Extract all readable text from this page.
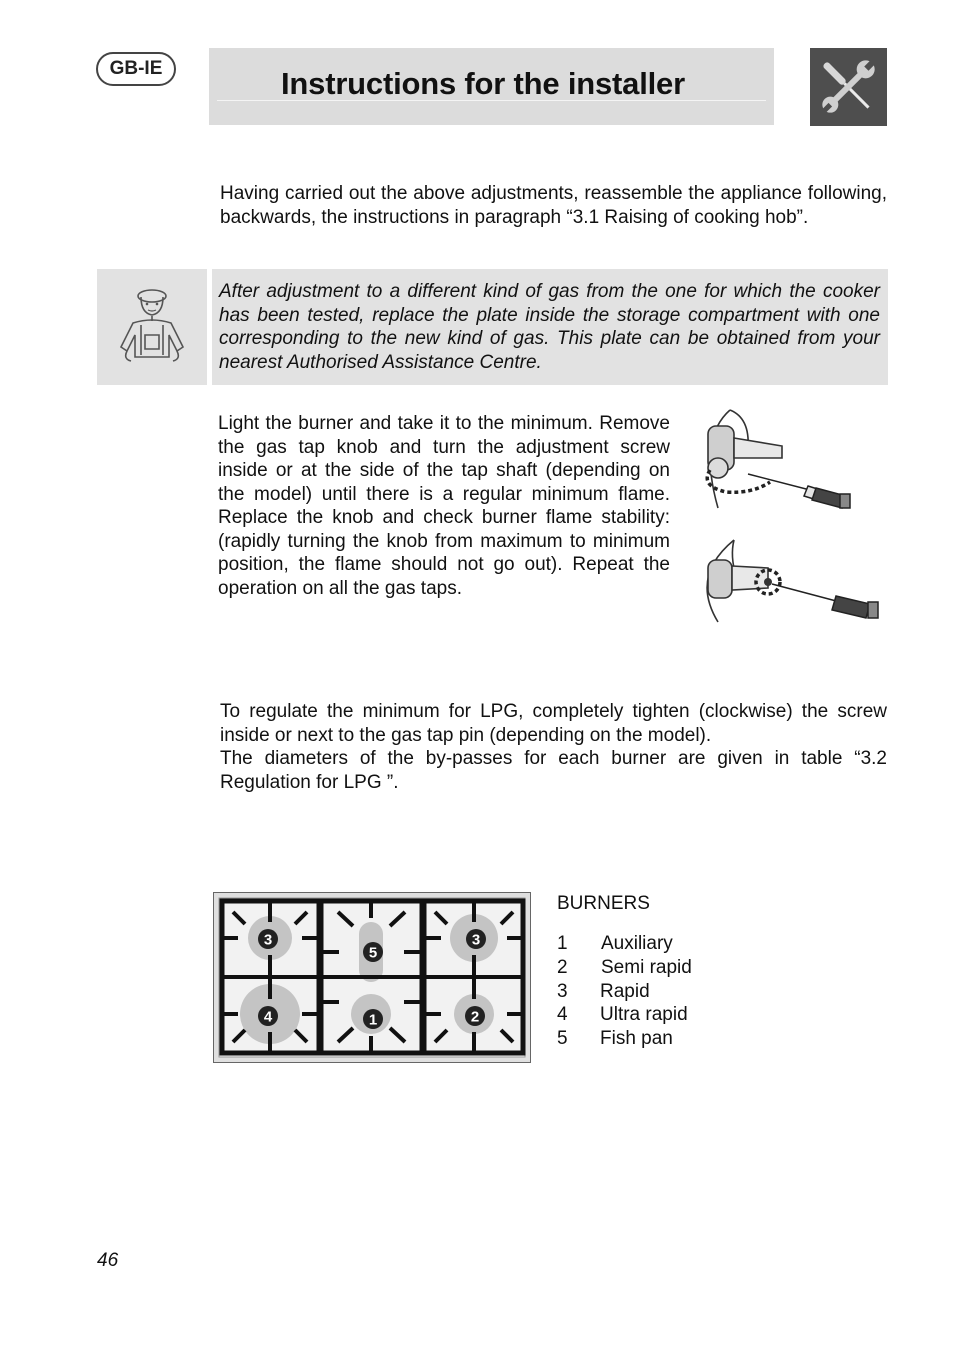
GB-IE	Instructions for the installer

Having carried out the above adjustments, reassemble the appliance following, backwards, the instructions in paragraph “3.1 Raising of cooking hob”.

After adjustment to a different kind of gas from the one for which the cooker has been tested, replace the plate inside the storage compartment with one corresponding to the new kind of gas. This plate can be obtained from your nearest Authorised Assistance Centre.

Light the burner and take it to the minimum. Remove the gas tap knob and turn the adjustment screw inside or at the side of the tap shaft (depending on the model) until there is a regular minimum flame. Replace the knob and check burner flame stability: (rapidly turning the knob from maximum to minimum position, the flame should not go out). Repeat the operation on all the gas taps.

To regulate the minimum for LPG, completely tighten (clockwise) the screw inside or next to the gas tap pin (depending on the model).

The diameters of the by-passes for each burner are given in table “3.2 Regulation for LPG ”.

3
5
3
4	1	2
BURNERS
1 Auxiliary
2 Semi rapid
3 Rapid
4 Ultra rapid
5 Fish pan
46
